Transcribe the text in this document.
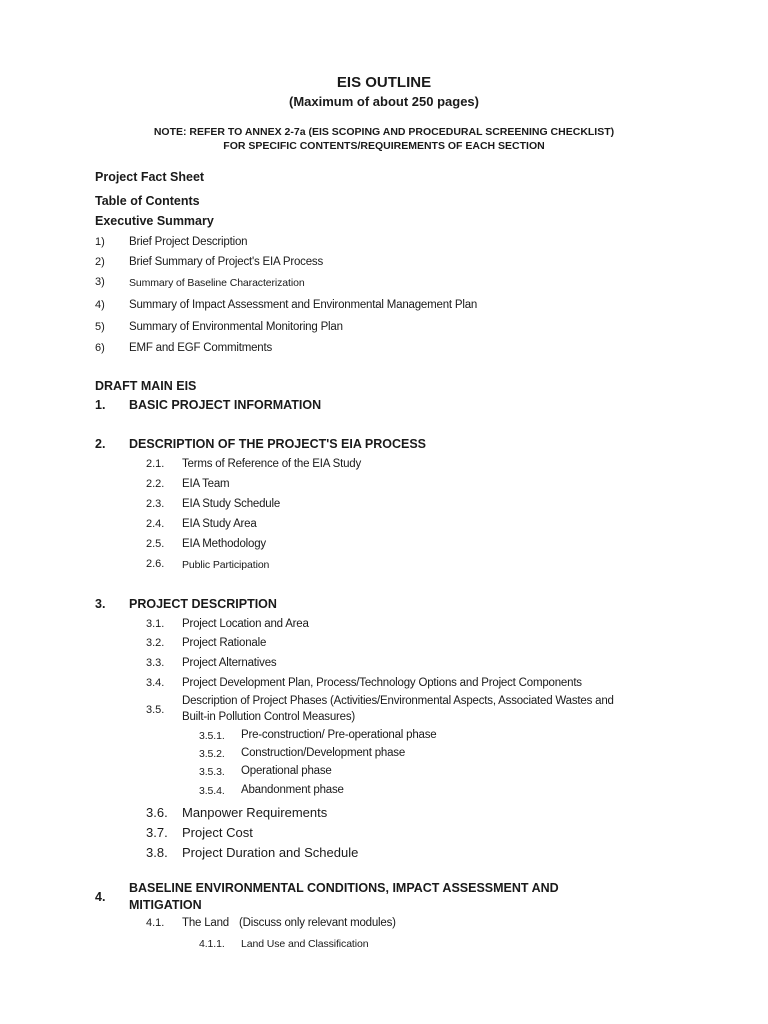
EIS OUTLINE
(Maximum of about 250 pages)
NOTE: REFER TO ANNEX 2-7a (EIS SCOPING AND PROCEDURAL SCREENING CHECKLIST)
FOR SPECIFIC CONTENTS/REQUIREMENTS OF EACH SECTION
Project Fact Sheet
Table of Contents
Executive Summary
1) Brief Project Description
2) Brief Summary of Project's EIA Process
3) Summary of Baseline Characterization
4) Summary of Impact Assessment and Environmental Management Plan
5) Summary of Environmental Monitoring Plan
6) EMF and EGF Commitments
DRAFT MAIN EIS
1. BASIC PROJECT INFORMATION
2. DESCRIPTION OF THE PROJECT'S EIA PROCESS
2.1. Terms of Reference of the EIA Study
2.2. EIA Team
2.3. EIA Study Schedule
2.4. EIA Study Area
2.5. EIA Methodology
2.6. Public Participation
3. PROJECT DESCRIPTION
3.1. Project Location and Area
3.2. Project Rationale
3.3. Project Alternatives
3.4. Project Development Plan, Process/Technology Options and Project Components
3.5.
Description of Project Phases (Activities/Environmental Aspects, Associated Wastes and
Built-in Pollution Control Measures)
3.5.1. Pre-construction/ Pre-operational phase
3.5.2. Construction/Development phase
3.5.3. Operational phase
3.5.4. Abandonment phase
3.6. Manpower Requirements
3.7. Project Cost
3.8. Project Duration and Schedule
4.
BASELINE ENVIRONMENTAL CONDITIONS, IMPACT ASSESSMENT AND
MITIGATION
4.1. The Land (Discuss only relevant modules)
4.1.1. Land Use and Classification
